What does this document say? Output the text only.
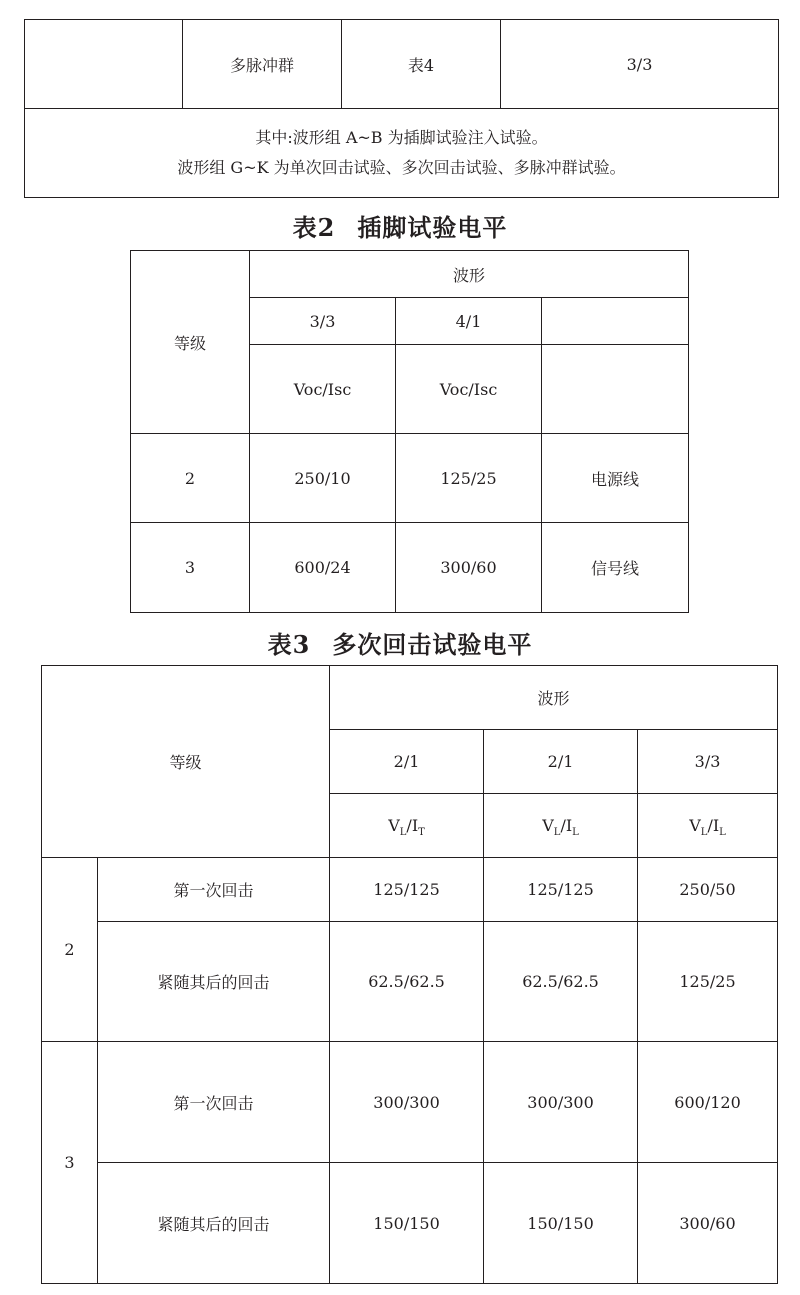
	多脉冲群	表4	3/3

其中:波形组 A~B 为插脚试验注入试验。
波形组 G~K 为单次回击试验、多次回击试验、多脉冲群试验。
表2 插脚试验电平
等级	波形		
	3/3	4/1	
	Voc/Isc	Voc/Isc	
2	250/10	125/25	电源线
3	600/24	300/60	信号线
表3 多次回击试验电平
等级		波形		
		2/1	2/1	3/3
		$V_L/I_T$	$V_L/I_L$	$V_L/I_L$
2	第一次回击	125/125	125/125	250/50
	紧随其后的回击	62.5/62.5	62.5/62.5	125/25
3	第一次回击	300/300	300/300	600/120
	紧随其后的回击	150/150	150/150	300/60
